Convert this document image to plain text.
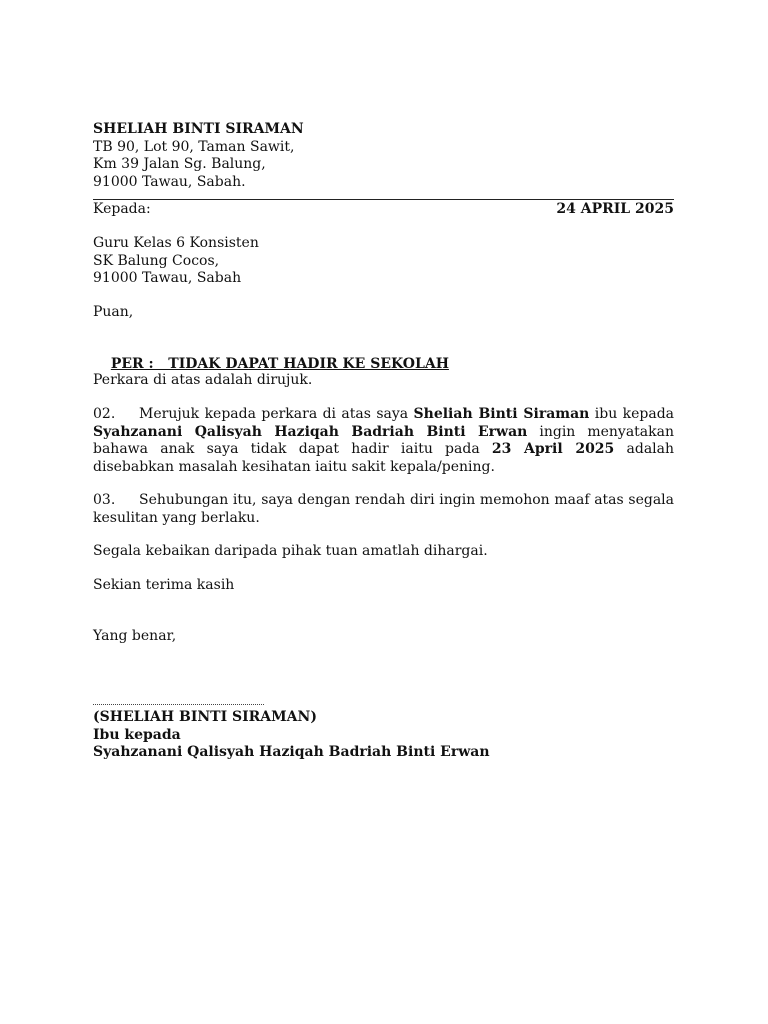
SHELIAH BINTI SIRAMAN
TB 90, Lot 90, Taman Sawit,
Km 39 Jalan Sg. Balung,
91000 Tawau, Sabah.
Kepada:	24 APRIL 2025
Guru Kelas 6 Konsisten
SK Balung Cocos,
91000 Tawau, Sabah
Puan,

PER :   TIDAK DAPAT HADIR KE SEKOLAH

Perkara di atas adalah dirujuk.
02. Merujuk kepada perkara di atas saya Sheliah Binti Siraman ibu kepada Syahzanani Qalisyah Haziqah Badriah Binti Erwan ingin menyatakan bahawa anak saya tidak dapat hadir iaitu pada 23 April 2025 adalah disebabkan masalah kesihatan iaitu sakit kepala/pening.
03. Sehubungan itu, saya dengan rendah diri ingin memohon maaf atas segala kesulitan yang berlaku.
Segala kebaikan daripada pihak tuan amatlah dihargai.
Sekian terima kasih
Yang benar,
(SHELIAH BINTI SIRAMAN)
Ibu kepada
Syahzanani Qalisyah Haziqah Badriah Binti Erwan
